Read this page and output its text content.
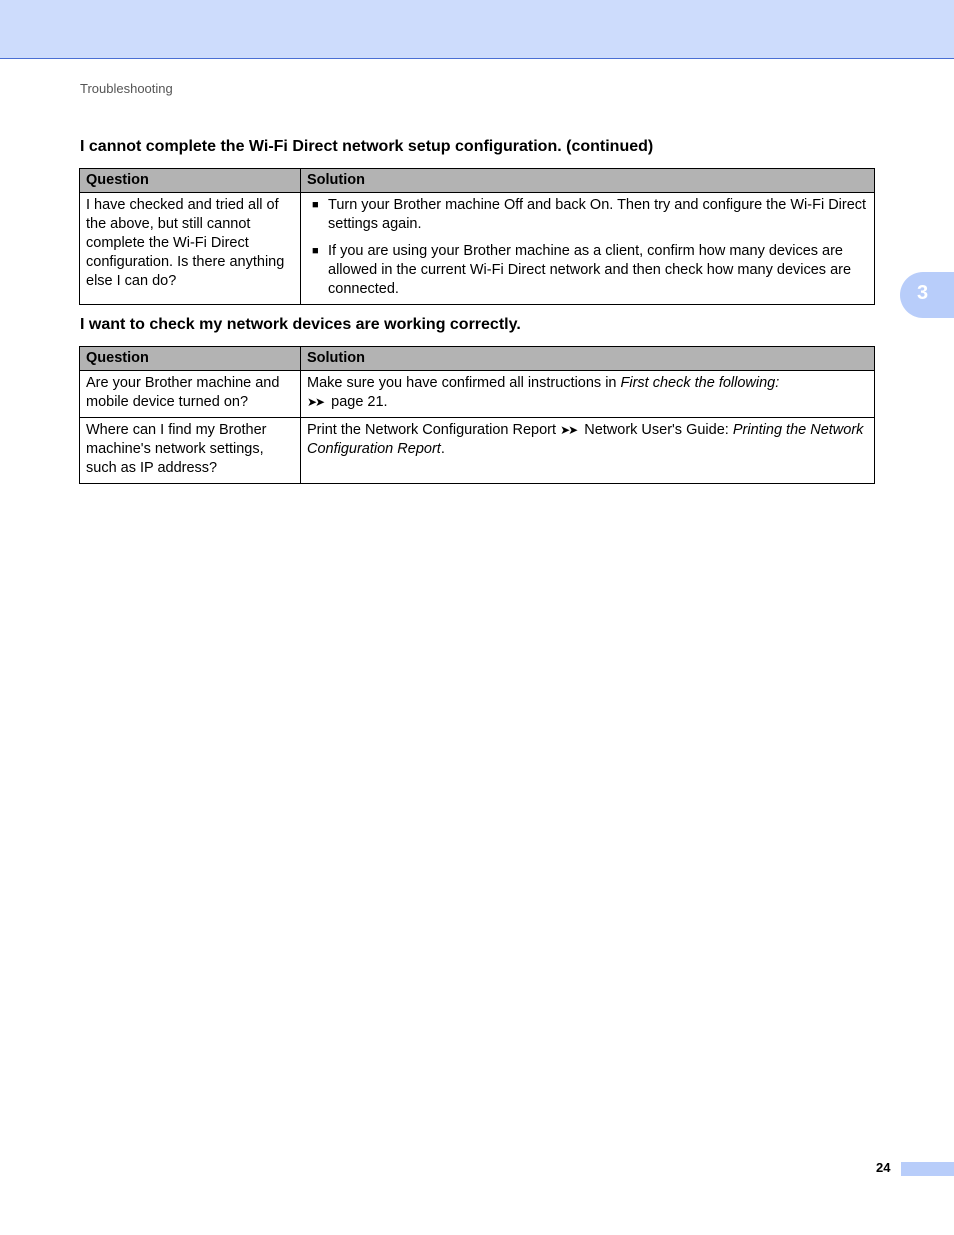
Troubleshooting
3
I cannot complete the Wi-Fi Direct network setup configuration. (continued)
Question	Solution
I have checked and tried all of the above, but still cannot complete the Wi-Fi Direct configuration. Is there anything else I can do?	■ Turn your Brother machine Off and back On. Then try and configure the Wi-Fi Direct settings again.
■ If you are using your Brother machine as a client, confirm how many devices are allowed in the current Wi-Fi Direct network and then check how many devices are connected.
I want to check my network devices are working correctly.
Question	Solution
Are your Brother machine and mobile device turned on?	Make sure you have confirmed all instructions in First check the following:
➤➤ page 21.
Where can I find my Brother machine's network settings, such as IP address?	Print the Network Configuration Report ➤➤ Network User's Guide: Printing the Network Configuration Report.
24
